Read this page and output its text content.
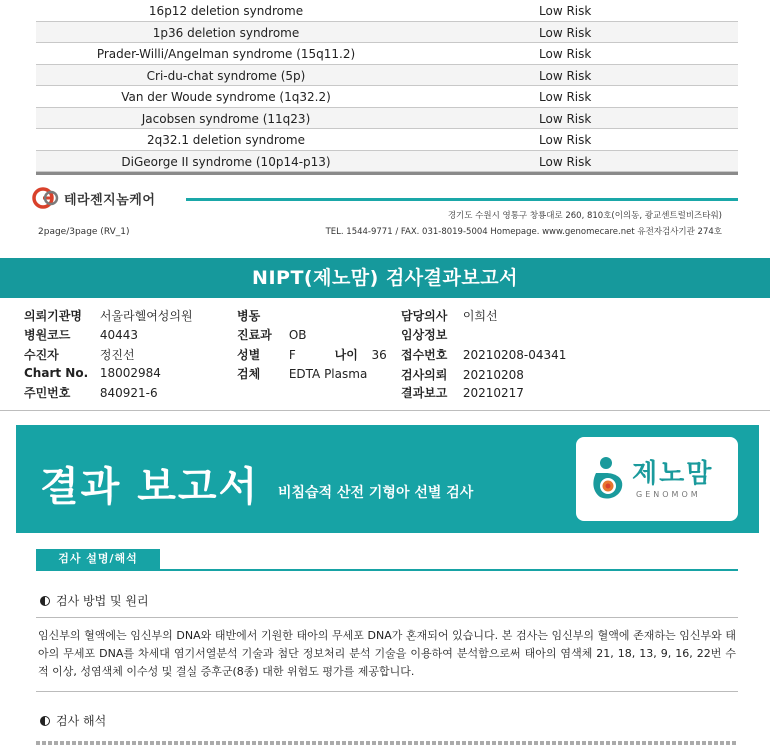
16p12 deletion syndrome	Low Risk
1p36 deletion syndrome	Low Risk
Prader-Willi/Angelman syndrome (15q11.2)	Low Risk
Cri-du-chat syndrome (5p)	Low Risk
Van der Woude syndrome (1q32.2)	Low Risk
Jacobsen syndrome (11q23)	Low Risk
2q32.1 deletion syndrome	Low Risk
DiGeorge II syndrome (10p14-p13)	Low Risk
테라젠지놈케어
경기도 수원시 영통구 창룡대로 260, 810호(이의동, 광교센트럴비즈타워)
TEL. 1544-9771 / FAX. 031-8019-5004 Homepage. www.genomecare.net 유전자검사기관 274호
2page/3page (RV_1)
NIPT(제노맘) 검사결과보고서
의뢰기관명 서울라헬여성의원
병원코드 40443
수진자	정진선
Chart No. 18002984
주민번호 840921-6
병동
진료과 OB
성별 F	나이 36
검체 EDTA Plasma
담당의사 이희선
임상정보
접수번호 20210208-04341
검사의뢰 20210208
결과보고 20210217
결과 보고서 비침습적 산전 기형아 선별 검사
제노맘
GENOMOM
검사 설명/해석
검사 방법 및 원리
임신부의 혈액에는 임신부의 DNA와 태반에서 기원한 태아의 무세포 DNA가 혼재되어 있습니다. 본 검사는 임신부의 혈액에 존재하는 임신부와 태아의 무세포 DNA를 차세대 염기서열분석 기술과 첨단 정보처리 분석 기술을 이용하여 분석함으로써 태아의 염색체 21, 18, 13, 9, 16, 22번 수적 이상, 성염색체 이수성 및 결실 증후군(8종) 대한 위험도 평가를 제공합니다.
검사 해석
